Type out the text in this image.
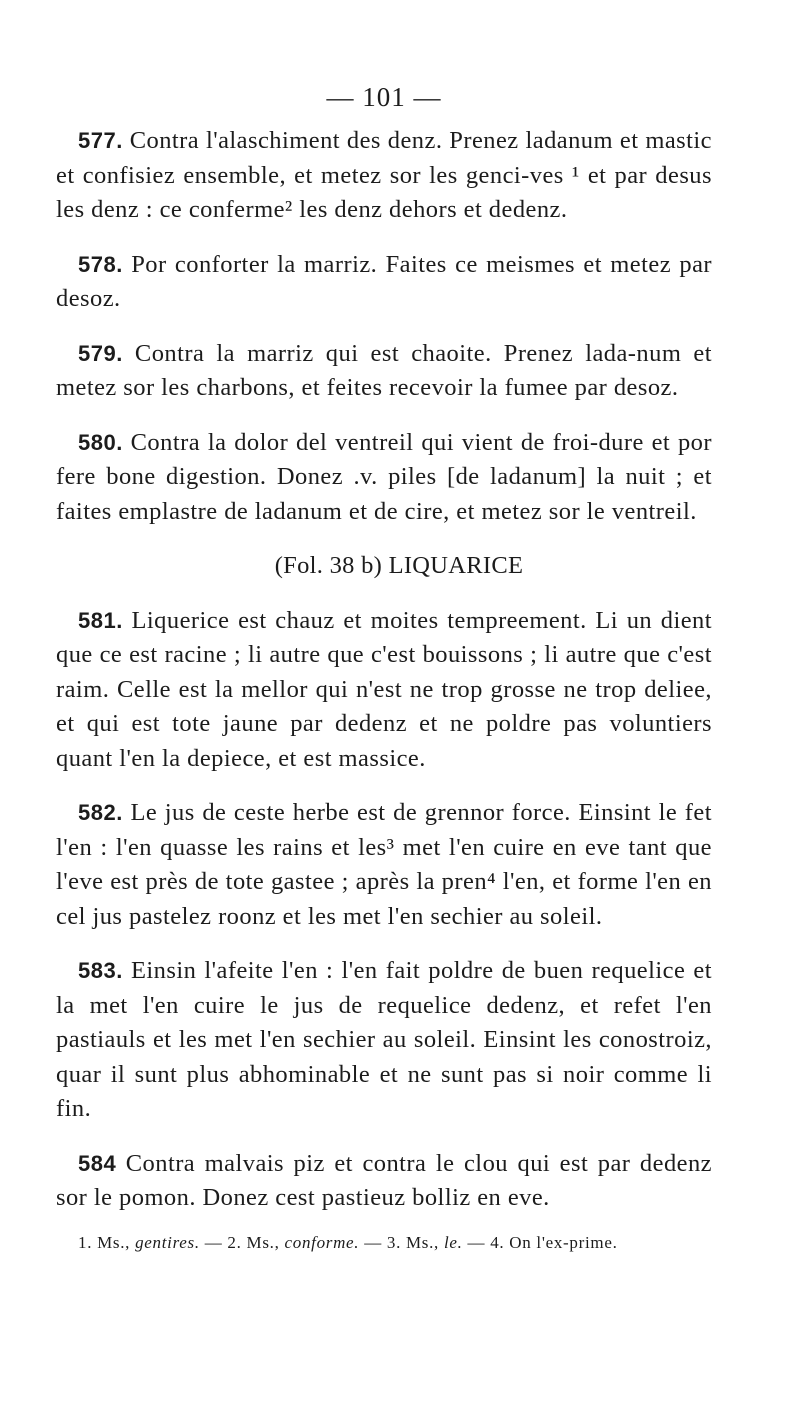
— 101 —

577. Contra l'alaschiment des denz. Prenez ladanum et mastic et confisiez ensemble, et metez sor les genci-ves ¹ et par desus les denz : ce conferme² les denz dehors et dedenz.

578. Por conforter la marriz. Faites ce meismes et metez par desoz.

579. Contra la marriz qui est chaoite. Prenez lada-num et metez sor les charbons, et feites recevoir la fumee par desoz.

580. Contra la dolor del ventreil qui vient de froi-dure et por fere bone digestion. Donez .v. piles [de ladanum] la nuit ; et faites emplastre de ladanum et de cire, et metez sor le ventreil.

(Fol. 38 b) LIQUARICE

581. Liquerice est chauz et moites tempreement. Li un dient que ce est racine ; li autre que c'est bouissons ; li autre que c'est raim. Celle est la mellor qui n'est ne trop grosse ne trop deliee, et qui est tote jaune par dedenz et ne poldre pas voluntiers quant l'en la depiece, et est massice.

582. Le jus de ceste herbe est de grennor force. Einsint le fet l'en : l'en quasse les rains et les³ met l'en cuire en eve tant que l'eve est près de tote gastee ; après la pren⁴ l'en, et forme l'en en cel jus pastelez roonz et les met l'en sechier au soleil.

583. Einsin l'afeite l'en : l'en fait poldre de buen requelice et la met l'en cuire le jus de requelice dedenz, et refet l'en pastiauls et les met l'en sechier au soleil. Einsint les conostroiz, quar il sunt plus abhominable et ne sunt pas si noir comme li fin.

584 Contra malvais piz et contra le clou qui est par dedenz sor le pomon. Donez cest pastieuz bolliz en eve.

1. Ms., gentires. — 2. Ms., conforme. — 3. Ms., le. — 4. On l'ex-prime.
